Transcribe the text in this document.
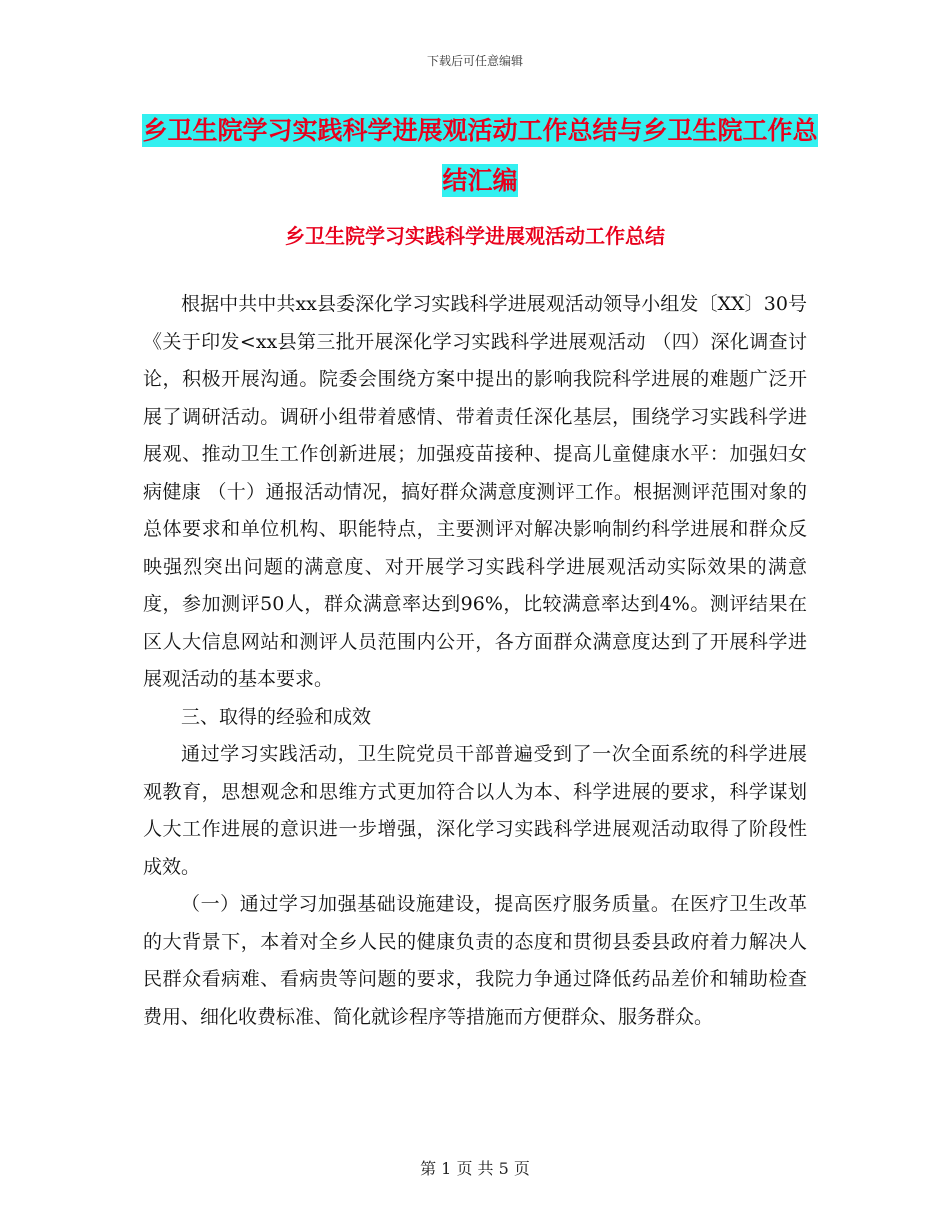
下载后可任意编辑
乡卫生院学习实践科学进展观活动工作总结与乡卫生院工作总结汇编
乡卫生院学习实践科学进展观活动工作总结

根据中共中共xx县委深化学习实践科学进展观活动领导小组发〔XX〕30号《关于印发<xx县第三批开展深化学习实践科学进展观活动 （四）深化调查讨论，积极开展沟通。院委会围绕方案中提出的影响我院科学进展的难题广泛开展了调研活动。调研小组带着感情、带着责任深化基层，围绕学习实践科学进展观、推动卫生工作创新进展；加强疫苗接种、提高儿童健康水平：加强妇女病健康 （十）通报活动情况，搞好群众满意度测评工作。根据测评范围对象的总体要求和单位机构、职能特点，主要测评对解决影响制约科学进展和群众反映强烈突出问题的满意度、对开展学习实践科学进展观活动实际效果的满意度，参加测评50人，群众满意率达到96%，比较满意率达到4%。测评结果在区人大信息网站和测评人员范围内公开，各方面群众满意度达到了开展科学进展观活动的基本要求。

三、取得的经验和成效

通过学习实践活动，卫生院党员干部普遍受到了一次全面系统的科学进展观教育，思想观念和思维方式更加符合以人为本、科学进展的要求，科学谋划人大工作进展的意识进一步增强，深化学习实践科学进展观活动取得了阶段性成效。

（一）通过学习加强基础设施建设，提高医疗服务质量。在医疗卫生改革的大背景下，本着对全乡人民的健康负责的态度和贯彻县委县政府着力解决人民群众看病难、看病贵等问题的要求，我院力争通过降低药品差价和辅助检查费用、细化收费标准、简化就诊程序等措施而方便群众、服务群众。

第 1 页 共 5 页
